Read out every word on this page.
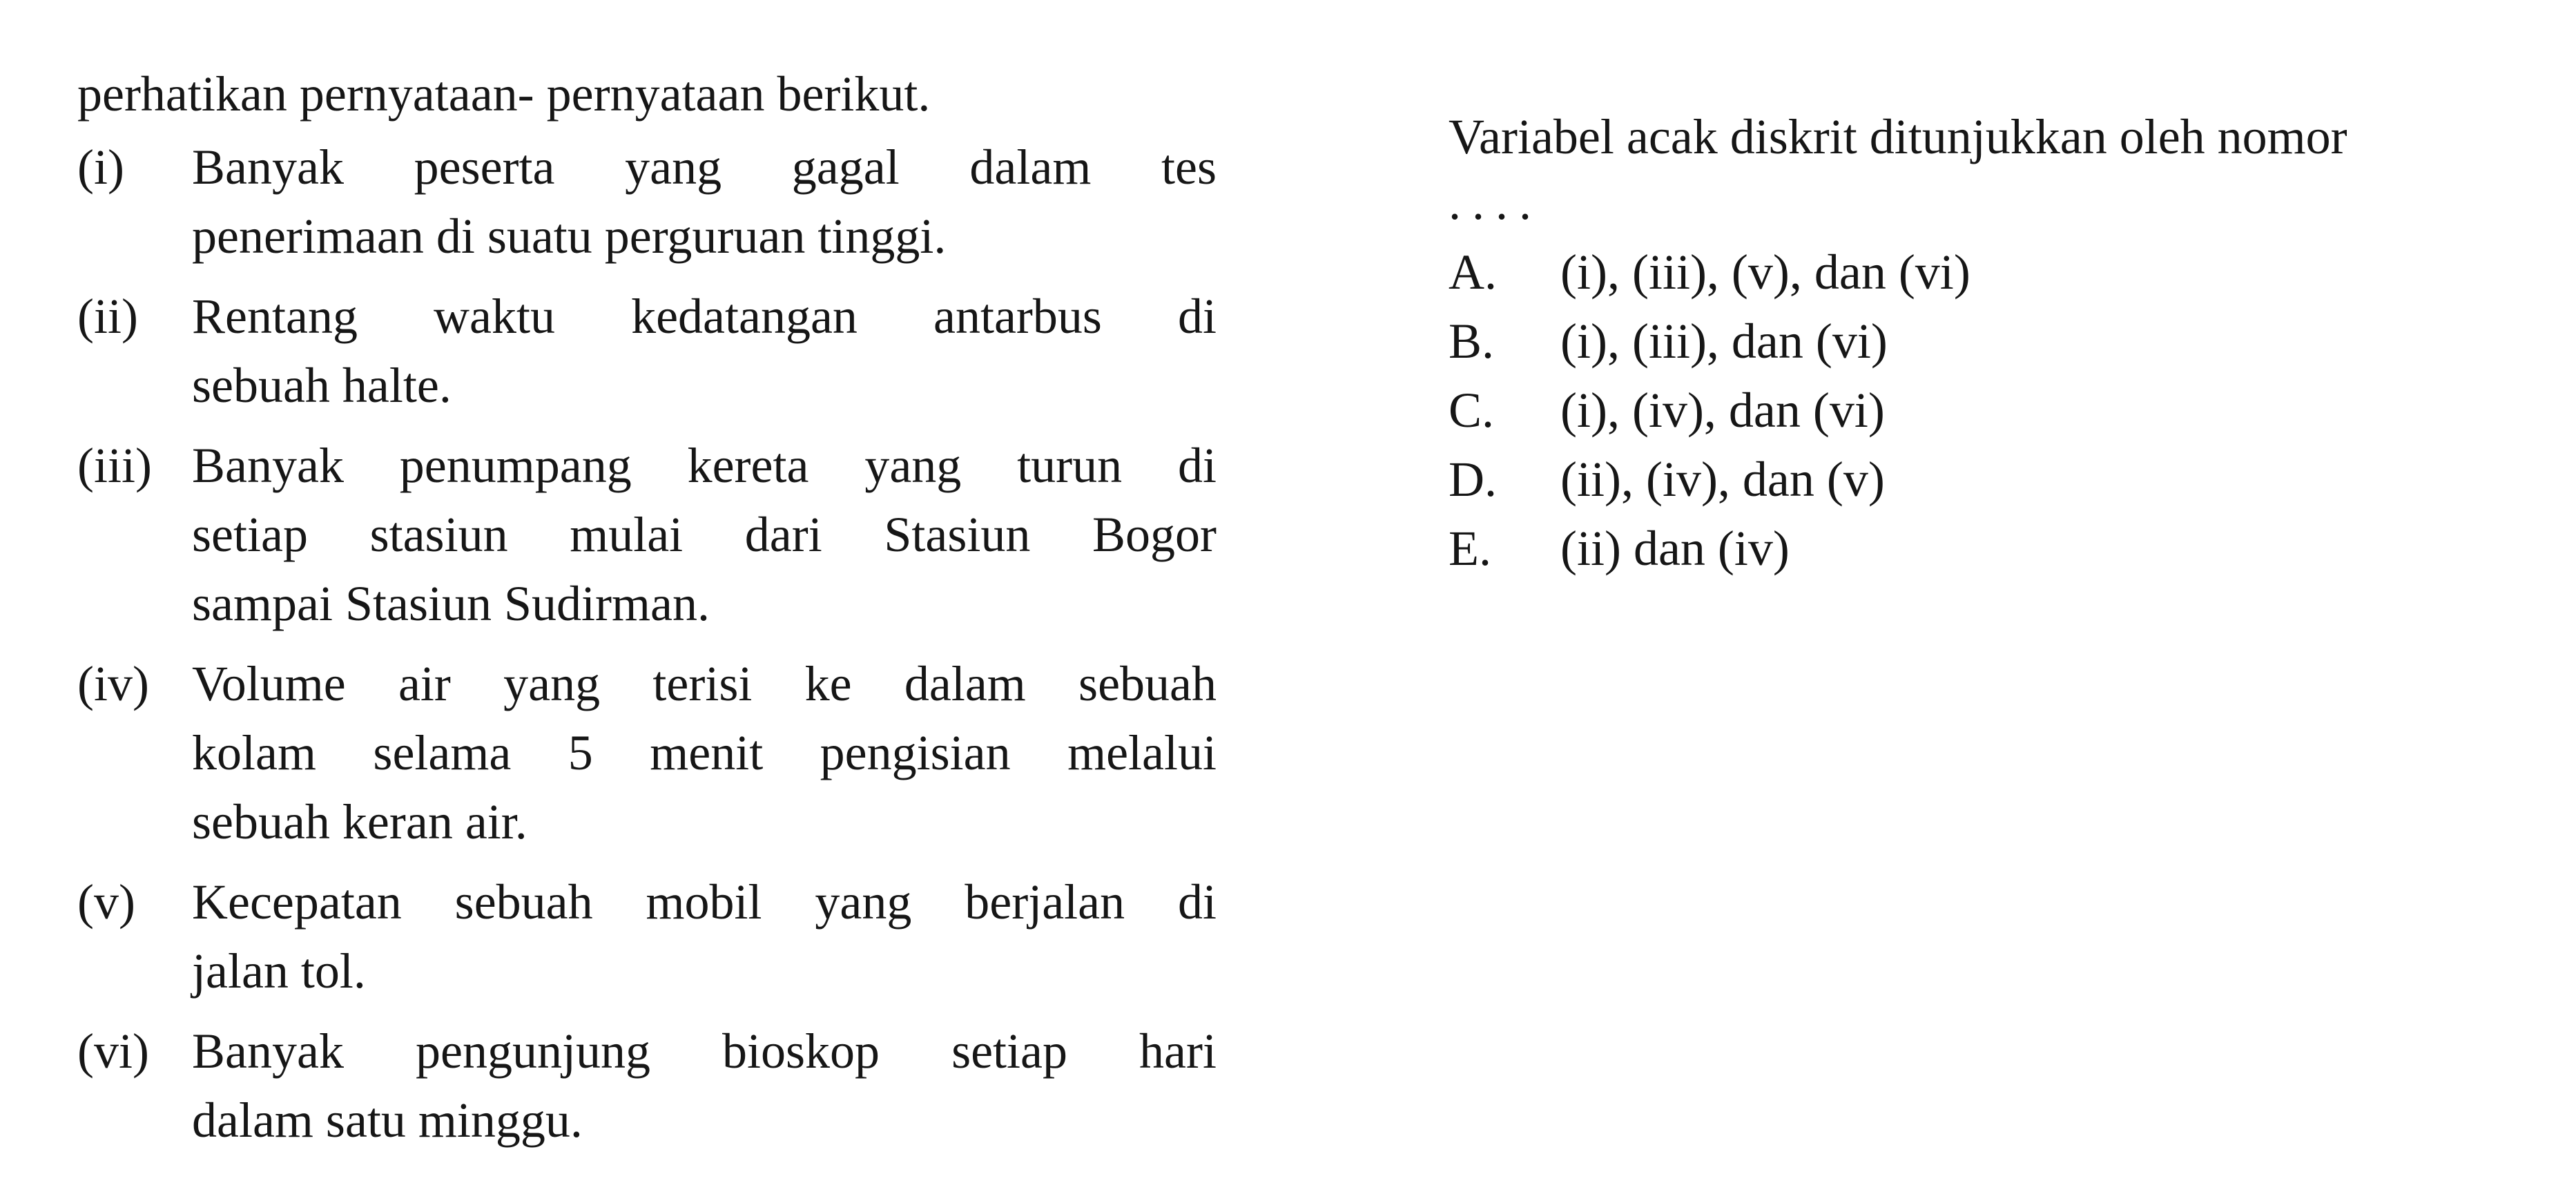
perhatikan pernyataan- pernyataan berikut.
(i) Banyak peserta yang gagal dalam tes
penerimaan di suatu perguruan tinggi.
(ii) Rentang waktu kedatangan antarbus di
sebuah halte.
(iii) Banyak penumpang kereta yang turun di
setiap stasiun mulai dari Stasiun Bogor
sampai Stasiun Sudirman.
(iv) Volume air yang terisi ke dalam sebuah
kolam selama 5 menit pengisian melalui
sebuah keran air.
(v) Kecepatan sebuah mobil yang berjalan di
jalan tol.
(vi) Banyak pengunjung bioskop setiap hari
dalam satu minggu.
Variabel acak diskrit ditunjukkan oleh nomor
....
A. (i), (iii), (v), dan (vi)
B. (i), (iii), dan (vi)
C. (i), (iv), dan (vi)
D. (ii), (iv), dan (v)
E. (ii) dan (iv)
